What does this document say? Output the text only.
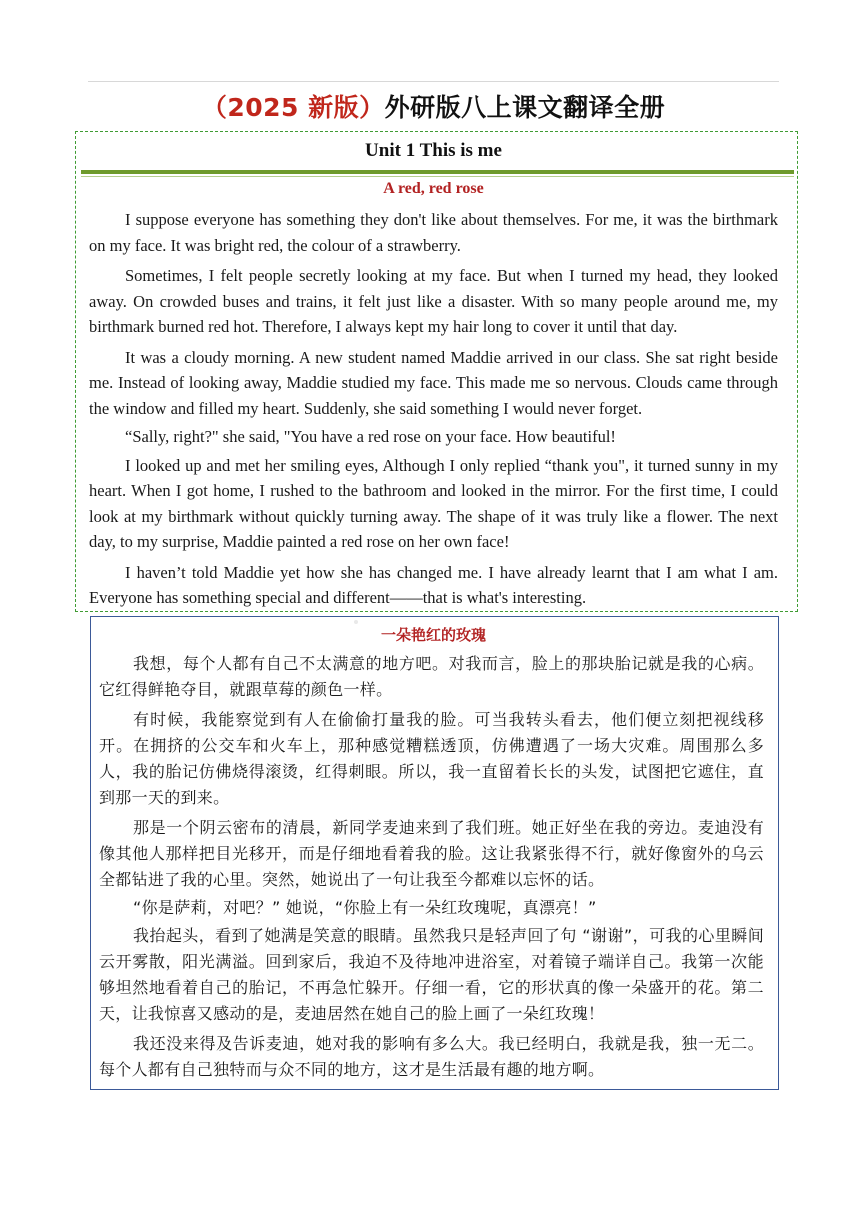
（2025 新版）外研版八上课文翻译全册
Unit 1 This is me
A red, red rose

I suppose everyone has something they don't like about themselves. For me, it was the birthmark on my face. It was bright red, the colour of a strawberry.

Sometimes, I felt people secretly looking at my face. But when I turned my head, they looked away. On crowded buses and trains, it felt just like a disaster. With so many people around me, my birthmark burned red hot. Therefore, I always kept my hair long to cover it until that day.

It was a cloudy morning. A new student named Maddie arrived in our class. She sat right beside me. Instead of looking away, Maddie studied my face. This made me so nervous. Clouds came through the window and filled my heart. Suddenly, she said something I would never forget.

“Sally, right?" she said, "You have a red rose on your face. How beautiful!

I looked up and met her smiling eyes, Although I only replied “thank you", it turned sunny in my heart. When I got home, I rushed to the bathroom and looked in the mirror. For the first time, I could look at my birthmark without quickly turning away. The shape of it was truly like a flower. The next day, to my surprise, Maddie painted a red rose on her own face!

I haven’t told Maddie yet how she has changed me. I have already learnt that I am what I am. Everyone has something special and different——that is what's interesting.

一朵艳红的玫瑰

我想，每个人都有自己不太满意的地方吧。对我而言，脸上的那块胎记就是我的心病。它红得鲜艳夺目，就跟草莓的颜色一样。

有时候，我能察觉到有人在偷偷打量我的脸。可当我转头看去，他们便立刻把视线移开。在拥挤的公交车和火车上，那种感觉糟糕透顶，仿佛遭遇了一场大灾难。周围那么多人，我的胎记仿佛烧得滚烫，红得刺眼。所以，我一直留着长长的头发，试图把它遮住，直到那一天的到来。

那是一个阴云密布的清晨，新同学麦迪来到了我们班。她正好坐在我的旁边。麦迪没有像其他人那样把目光移开，而是仔细地看着我的脸。这让我紧张得不行，就好像窗外的乌云全都钻进了我的心里。突然，她说出了一句让我至今都难以忘怀的话。

“你是萨莉，对吧？” 她说，“你脸上有一朵红玫瑰呢，真漂亮！”

我抬起头，看到了她满是笑意的眼睛。虽然我只是轻声回了句 “谢谢”，可我的心里瞬间云开雾散，阳光满溢。回到家后，我迫不及待地冲进浴室，对着镜子端详自己。我第一次能够坦然地看着自己的胎记，不再急忙躲开。仔细一看，它的形状真的像一朵盛开的花。第二天，让我惊喜又感动的是，麦迪居然在她自己的脸上画了一朵红玫瑰！

我还没来得及告诉麦迪，她对我的影响有多么大。我已经明白，我就是我，独一无二。每个人都有自己独特而与众不同的地方，这才是生活最有趣的地方啊。
